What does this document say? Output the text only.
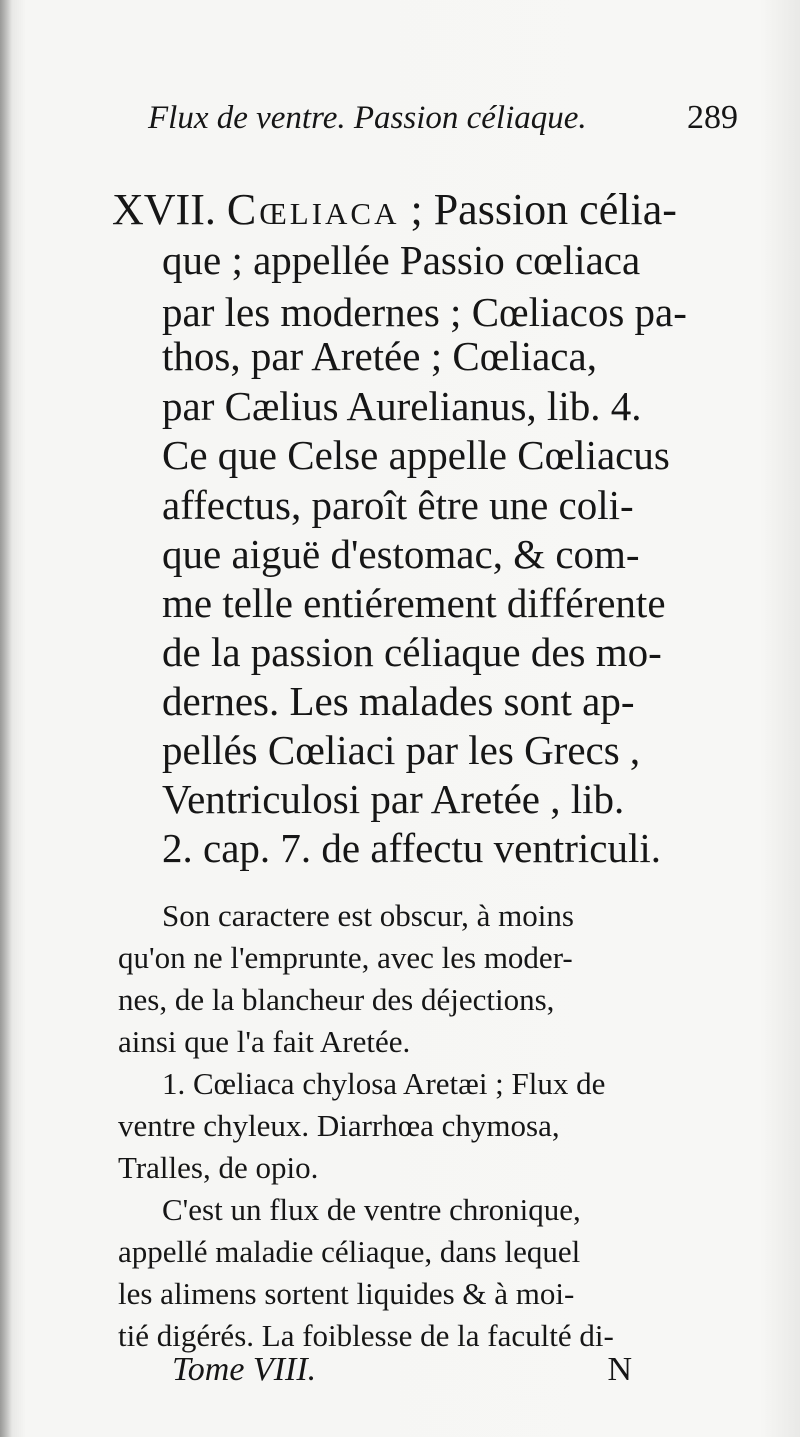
Flux de ventre. Passion céliaque.	289
XVII. Cœliaca ; Passion célia-
que ; appellée Passio cœliaca
par les modernes ; Cœliacos pa-
thos, par Aretée ; Cœliaca,
par Cælius Aurelianus, lib. 4.
Ce que Celse appelle Cœliacus
affectus, paroît être une coli-
que aiguë d'estomac, & com-
me telle entiérement différente
de la passion céliaque des mo-
dernes. Les malades sont ap-
pellés Cœliaci par les Grecs ,
Ventriculosi par Aretée , lib.
2. cap. 7. de affectu ventriculi.
Son caractere est obscur, à moins
qu'on ne l'emprunte, avec les moder-
nes, de la blancheur des déjections,
ainsi que l'a fait Aretée.
1. Cœliaca chylosa Aretæi ; Flux de
ventre chyleux. Diarrhœa chymosa,
Tralles, de opio.
C'est un flux de ventre chronique,
appellé maladie céliaque, dans lequel
les alimens sortent liquides & à moi-
tié digérés. La foiblesse de la faculté di-
Tome VIII.	N
